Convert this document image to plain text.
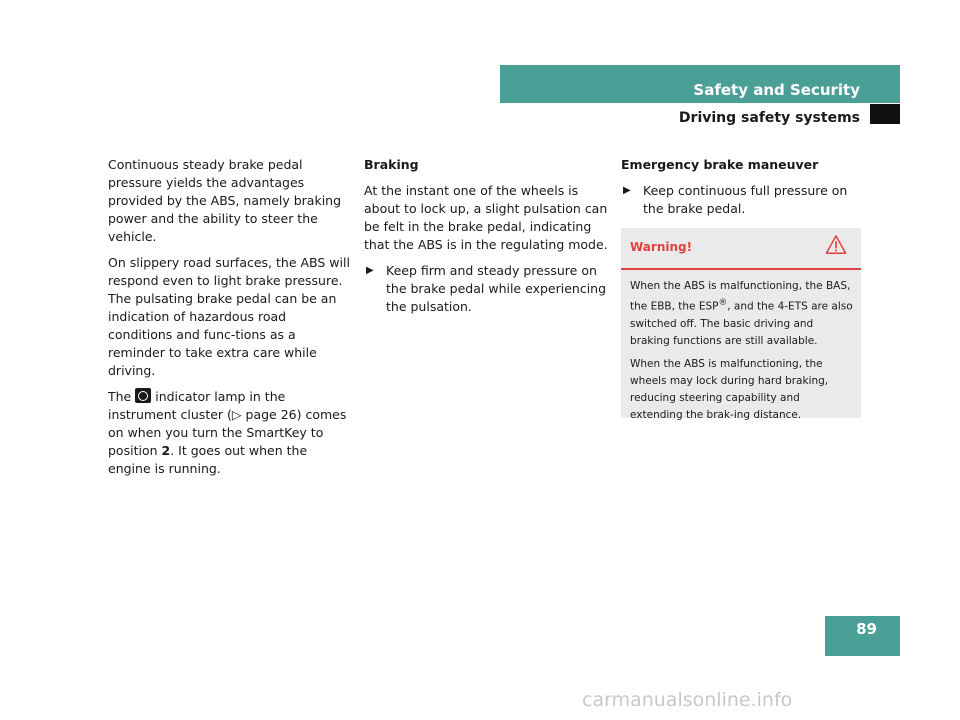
Safety and Security
Driving safety systems

Continuous steady brake pedal pressure yields the advantages provided by the ABS, namely braking power and the ability to steer the vehicle.

On slippery road surfaces, the ABS will respond even to light brake pressure. The pulsating brake pedal can be an indication of hazardous road conditions and func-tions as a reminder to take extra care while driving.

The indicator lamp in the instrument cluster (▷ page 26) comes on when you turn the SmartKey to position 2. It goes out when the engine is running.

Braking

At the instant one of the wheels is about to lock up, a slight pulsation can be felt in the brake pedal, indicating that the ABS is in the regulating mode.

▶ Keep firm and steady pressure on the brake pedal while experiencing the pulsation.

Emergency brake maneuver

▶ Keep continuous full pressure on the brake pedal.
Warning!

When the ABS is malfunctioning, the BAS, the EBB, the ESP®, and the 4-ETS are also switched off. The basic driving and braking functions are still available.

When the ABS is malfunctioning, the wheels may lock during hard braking, reducing steering capability and extending the brak-ing distance.

89
carmanualsonline.info
